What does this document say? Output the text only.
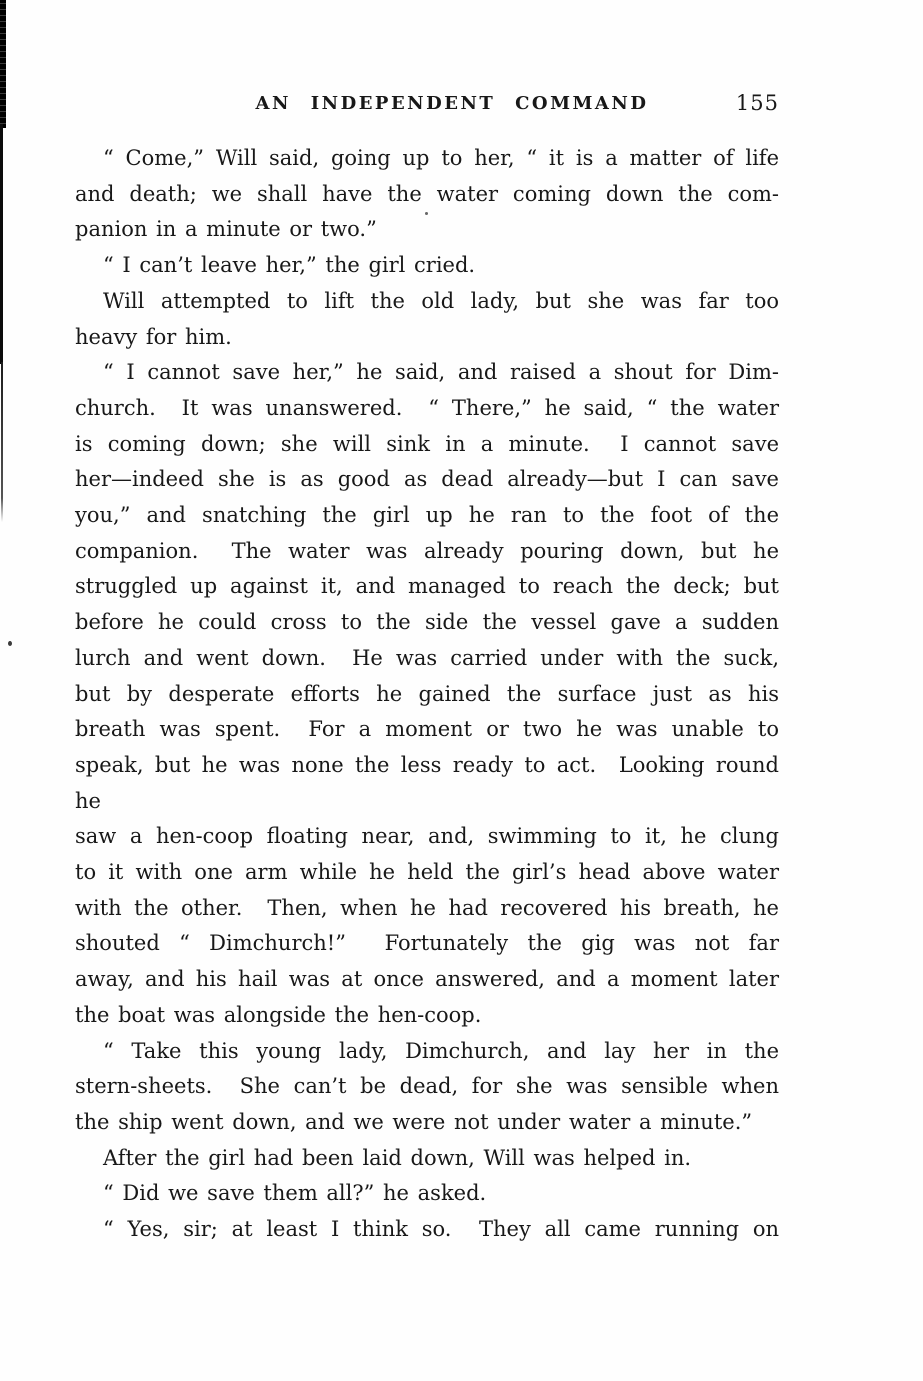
AN INDEPENDENT COMMAND	155
“ Come,” Will said, going up to her, “ it is a matter of life
and death; we shall have the water coming down the com-
panion in a minute or two.”
“ I can’t leave her,” the girl cried.
Will attempted to lift the old lady, but she was far too
heavy for him.
“ I cannot save her,” he said, and raised a shout for Dim-
church.  It was unanswered.  “ There,” he said, “ the water
is coming down; she will sink in a minute.  I cannot save
her—indeed she is as good as dead already—but I can save
you,” and snatching the girl up he ran to the foot of the
companion.  The water was already pouring down, but he
struggled up against it, and managed to reach the deck; but
before he could cross to the side the vessel gave a sudden
lurch and went down.  He was carried under with the suck,
but by desperate efforts he gained the surface just as his
breath was spent.  For a moment or two he was unable to
speak, but he was none the less ready to act.  Looking round he
saw a hen-coop floating near, and, swimming to it, he clung
to it with one arm while he held the girl’s head above water
with the other.  Then, when he had recovered his breath, he
shouted “ Dimchurch!”  Fortunately the gig was not far
away, and his hail was at once answered, and a moment later
the boat was alongside the hen-coop.
“ Take this young lady, Dimchurch, and lay her in the
stern-sheets.  She can’t be dead, for she was sensible when
the ship went down, and we were not under water a minute.”
After the girl had been laid down, Will was helped in.
“ Did we save them all?” he asked.
“ Yes, sir; at least I think so.  They all came running on
